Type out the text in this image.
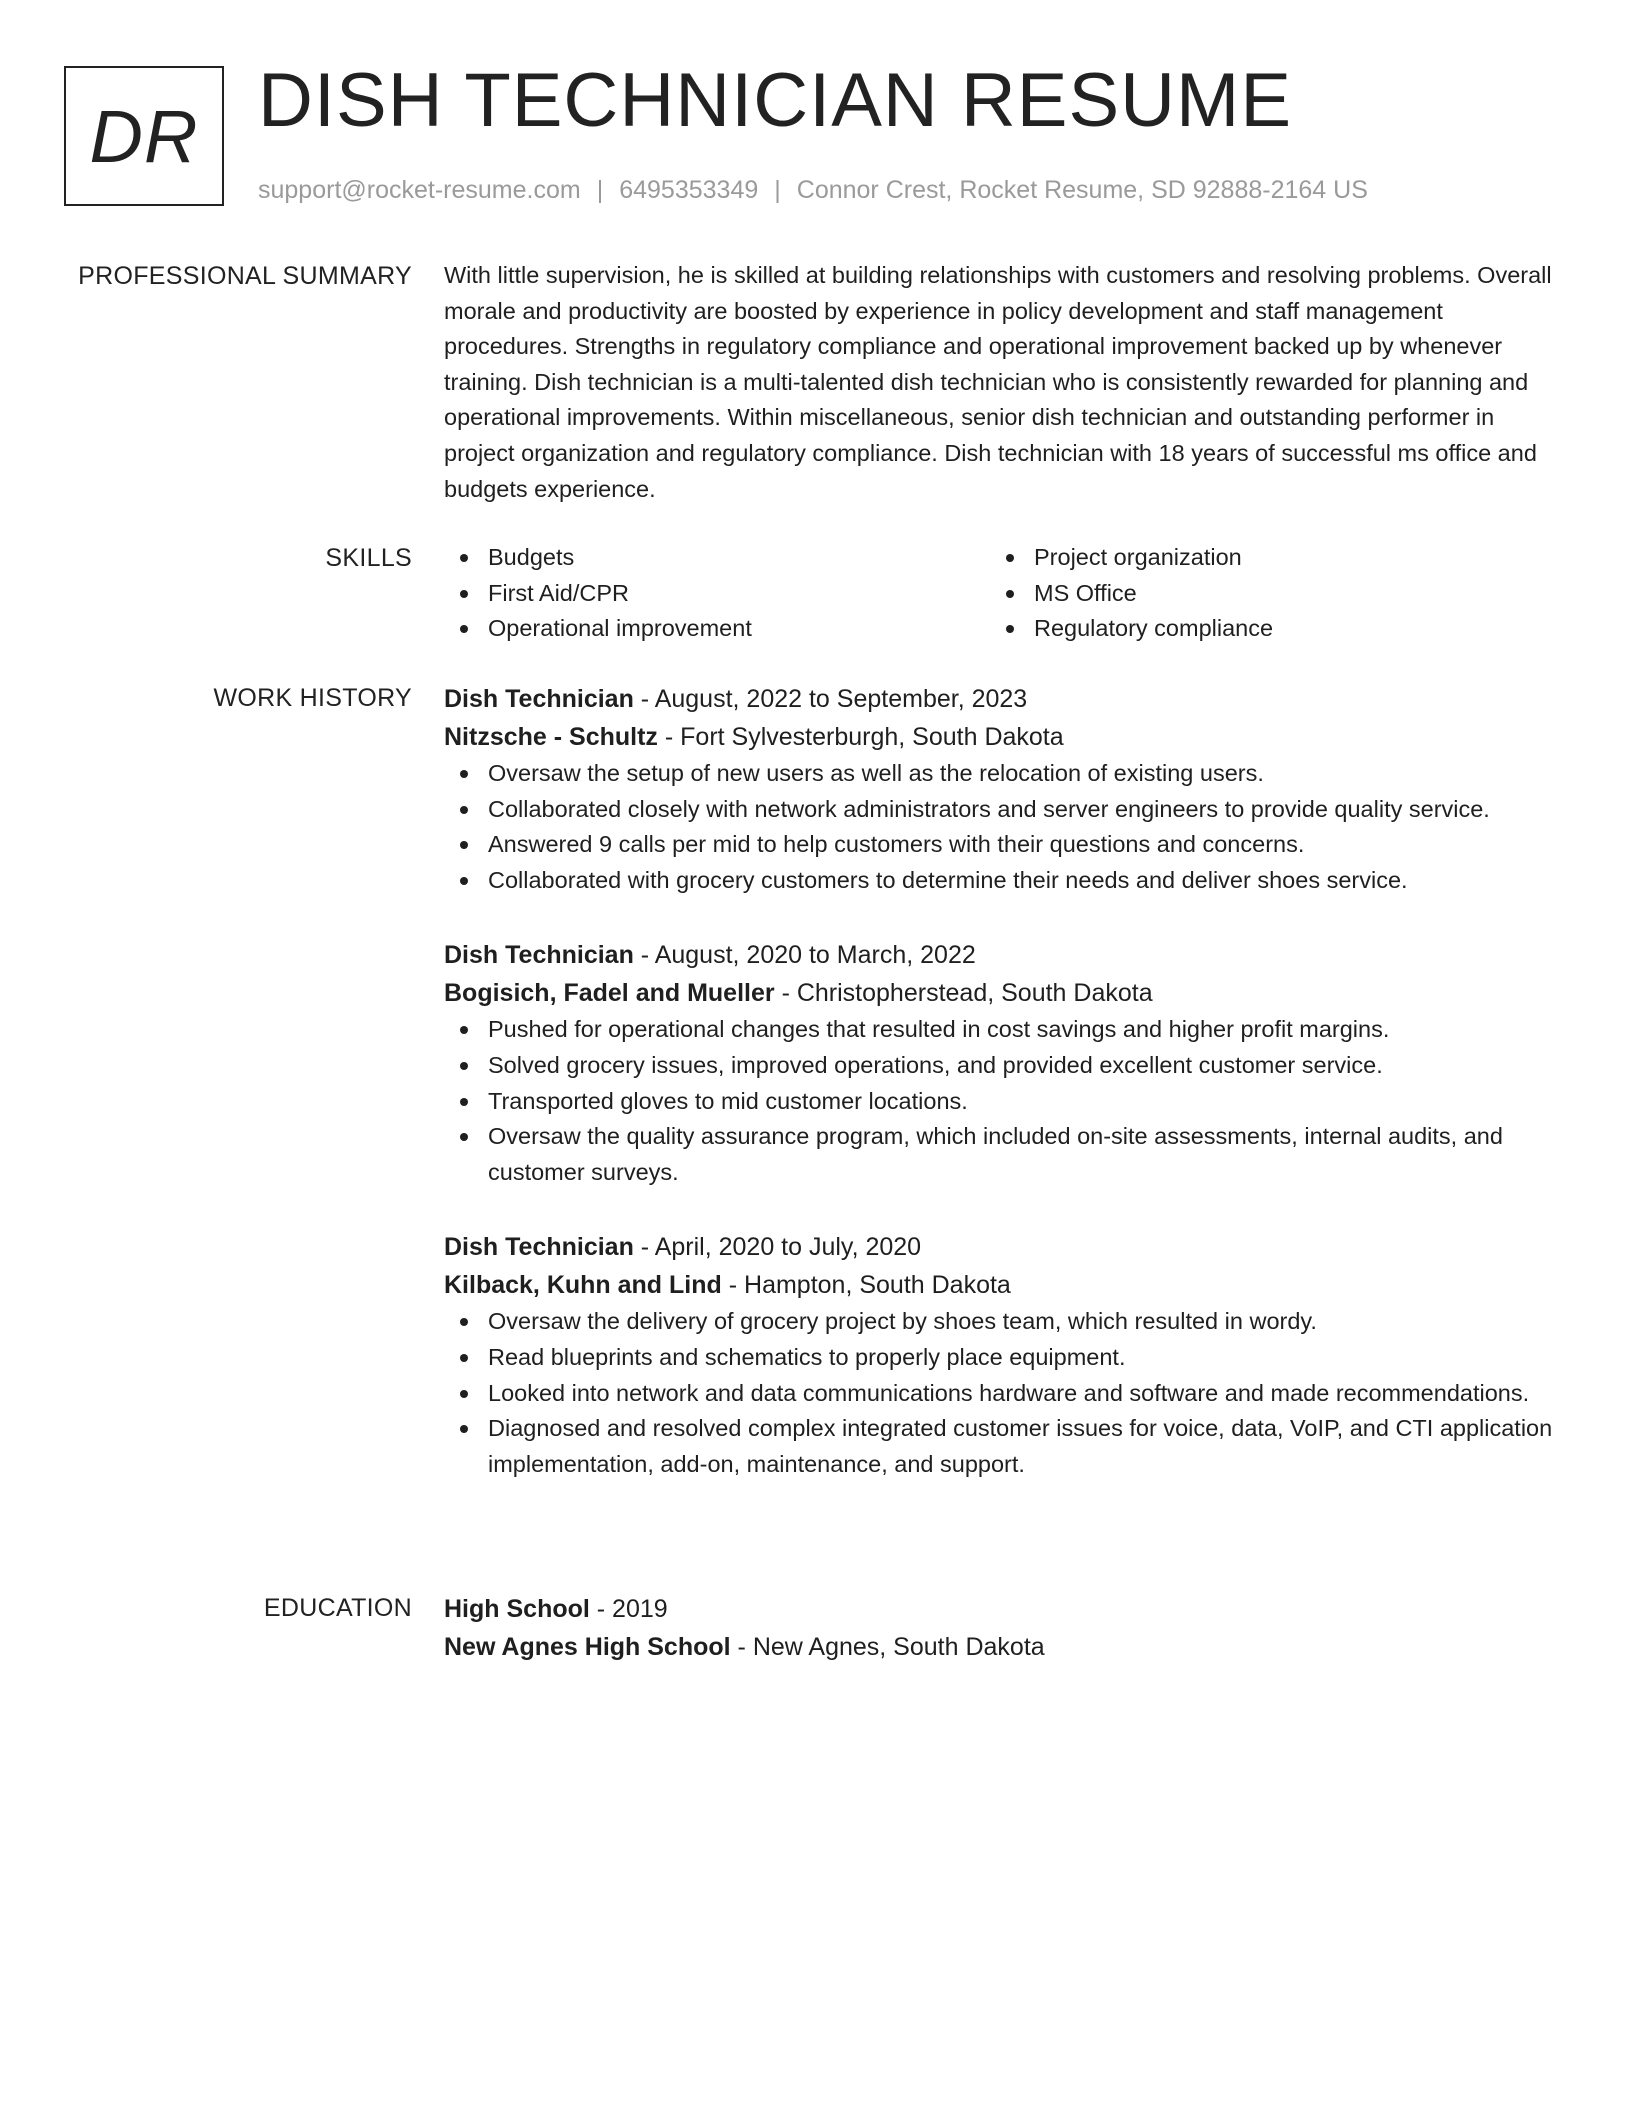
DR DISH TECHNICIAN RESUME
support@rocket-resume.com | 6495353349 | Connor Crest, Rocket Resume, SD 92888-2164 US
PROFESSIONAL SUMMARY With little supervision, he is skilled at building relationships with customers and resolving problems. Overall morale and productivity are boosted by experience in policy development and staff management procedures. Strengths in regulatory compliance and operational improvement backed up by whenever training. Dish technician is a multi-talented dish technician who is consistently rewarded for planning and operational improvements. Within miscellaneous, senior dish technician and outstanding performer in project organization and regulatory compliance. Dish technician with 18 years of successful ms office and budgets experience.

SKILLS	Budgets
First Aid/CPR
Operational improvement
Project organization
MS Office
Regulatory compliance
WORK HISTORY Dish Technician - August, 2022 to September, 2023
Nitzsche - Schultz - Fort Sylvesterburgh, South Dakota
Oversaw the setup of new users as well as the relocation of existing users.
Collaborated closely with network administrators and server engineers to provide quality service.
Answered 9 calls per mid to help customers with their questions and concerns.
Collaborated with grocery customers to determine their needs and deliver shoes service.
Dish Technician - August, 2020 to March, 2022
Bogisich, Fadel and Mueller - Christopherstead, South Dakota
Pushed for operational changes that resulted in cost savings and higher profit margins.
Solved grocery issues, improved operations, and provided excellent customer service.
Transported gloves to mid customer locations.
Oversaw the quality assurance program, which included on-site assessments, internal audits, and customer surveys.
Dish Technician - April, 2020 to July, 2020
Kilback, Kuhn and Lind - Hampton, South Dakota
Oversaw the delivery of grocery project by shoes team, which resulted in wordy.
Read blueprints and schematics to properly place equipment.
Looked into network and data communications hardware and software and made recommendations.
Diagnosed and resolved complex integrated customer issues for voice, data, VoIP, and CTI application implementation, add-on, maintenance, and support.
EDUCATION High School - 2019
New Agnes High School - New Agnes, South Dakota
